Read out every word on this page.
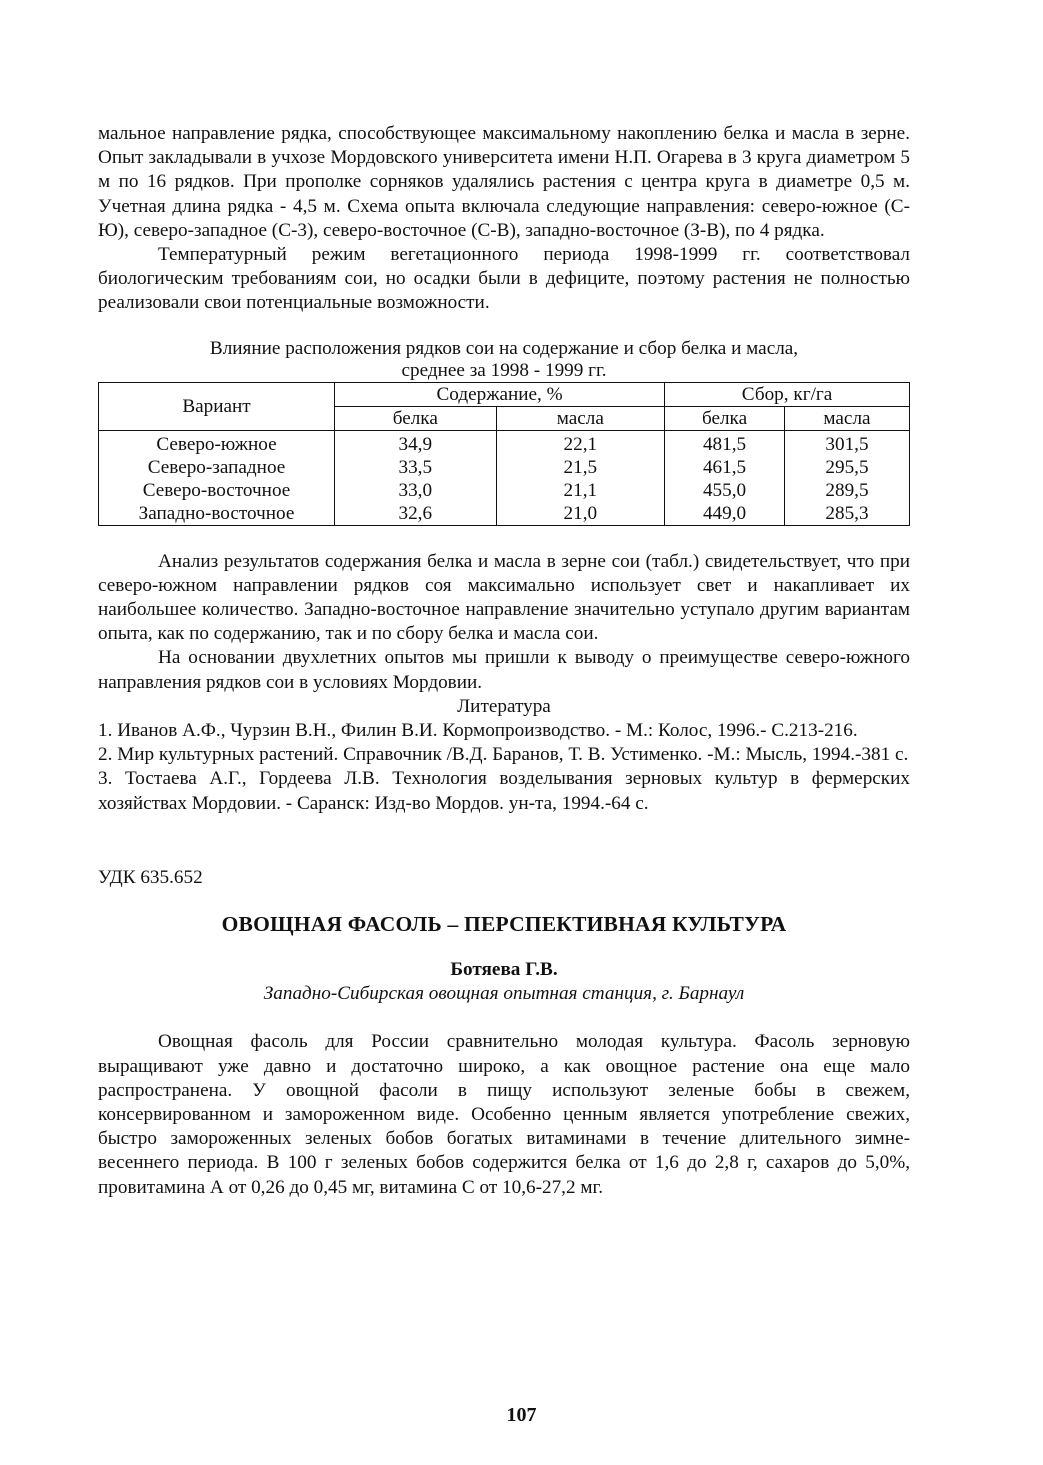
мальное направление рядка, способствующее максимальному накоплению белка и масла в зерне. Опыт закладывали в учхозе Мордовского университета имени Н.П. Огарева в 3 круга диаметром 5 м по 16 рядков. При прополке сорняков удалялись растения с центра круга в диаметре 0,5 м. Учетная длина рядка - 4,5 м. Схема опыта включала следующие направления: северо-южное (С-Ю), северо-западное (С-3), северо-восточное (С-В), западно-восточное (З-В), по 4 рядка.

Температурный режим вегетационного периода 1998-1999 гг. соответствовал биологическим требованиям сои, но осадки были в дефиците, поэтому растения не полностью реализовали свои потенциальные возможности.

Влияние расположения рядков сои на содержание и сбор белка и масла,

среднее за 1998 - 1999 гг.

Вариант	Содержание, %		Сбор, кг/га	
	белка	масла	белка	масла
Северо-южное	34,9	22,1	481,5	301,5
Северо-западное	33,5	21,5	461,5	295,5
Северо-восточное	33,0	21,1	455,0	289,5
Западно-восточное	32,6	21,0	449,0	285,3

Анализ результатов содержания белка и масла в зерне сои (табл.) свидетельствует, что при северо-южном направлении рядков соя максимально использует свет и накапливает их наибольшее количество. Западно-восточное направление значительно уступало другим вариантам опыта, как по содержанию, так и по сбору белка и масла сои.

На основании двухлетних опытов мы пришли к выводу о преимуществе северо-южного направления рядков сои в условиях Мордовии.

Литература

1. Иванов А.Ф., Чурзин В.Н., Филин В.И. Кормопроизводство. - М.: Колос, 1996.- С.213-216.

2. Мир культурных растений. Справочник /В.Д. Баранов, Т. В. Устименко. -М.: Мысль, 1994.-381 с.

3. Тостаева А.Г., Гордеева Л.В. Технология возделывания зерновых культур в фермерских хозяйствах Мордовии. - Саранск: Изд-во Мордов. ун-та, 1994.-64 с.

УДК 635.652

ОВОЩНАЯ ФАСОЛЬ – ПЕРСПЕКТИВНАЯ КУЛЬТУРА

Ботяева Г.В.

Западно-Сибирская овощная опытная станция, г. Барнаул

Овощная фасоль для России сравнительно молодая культура. Фасоль зерновую выращивают уже давно и достаточно широко, а как овощное растение она еще мало распространена. У овощной фасоли в пищу используют зеленые бобы в свежем, консервированном и замороженном виде. Особенно ценным является употребление свежих, быстро замороженных зеленых бобов богатых витаминами в течение длительного зимне-весеннего периода. В 100 г зеленых бобов содержится белка от 1,6 до 2,8 г, сахаров до 5,0%, провитамина А от 0,26 до 0,45 мг, витамина С от 10,6-27,2 мг.

107
